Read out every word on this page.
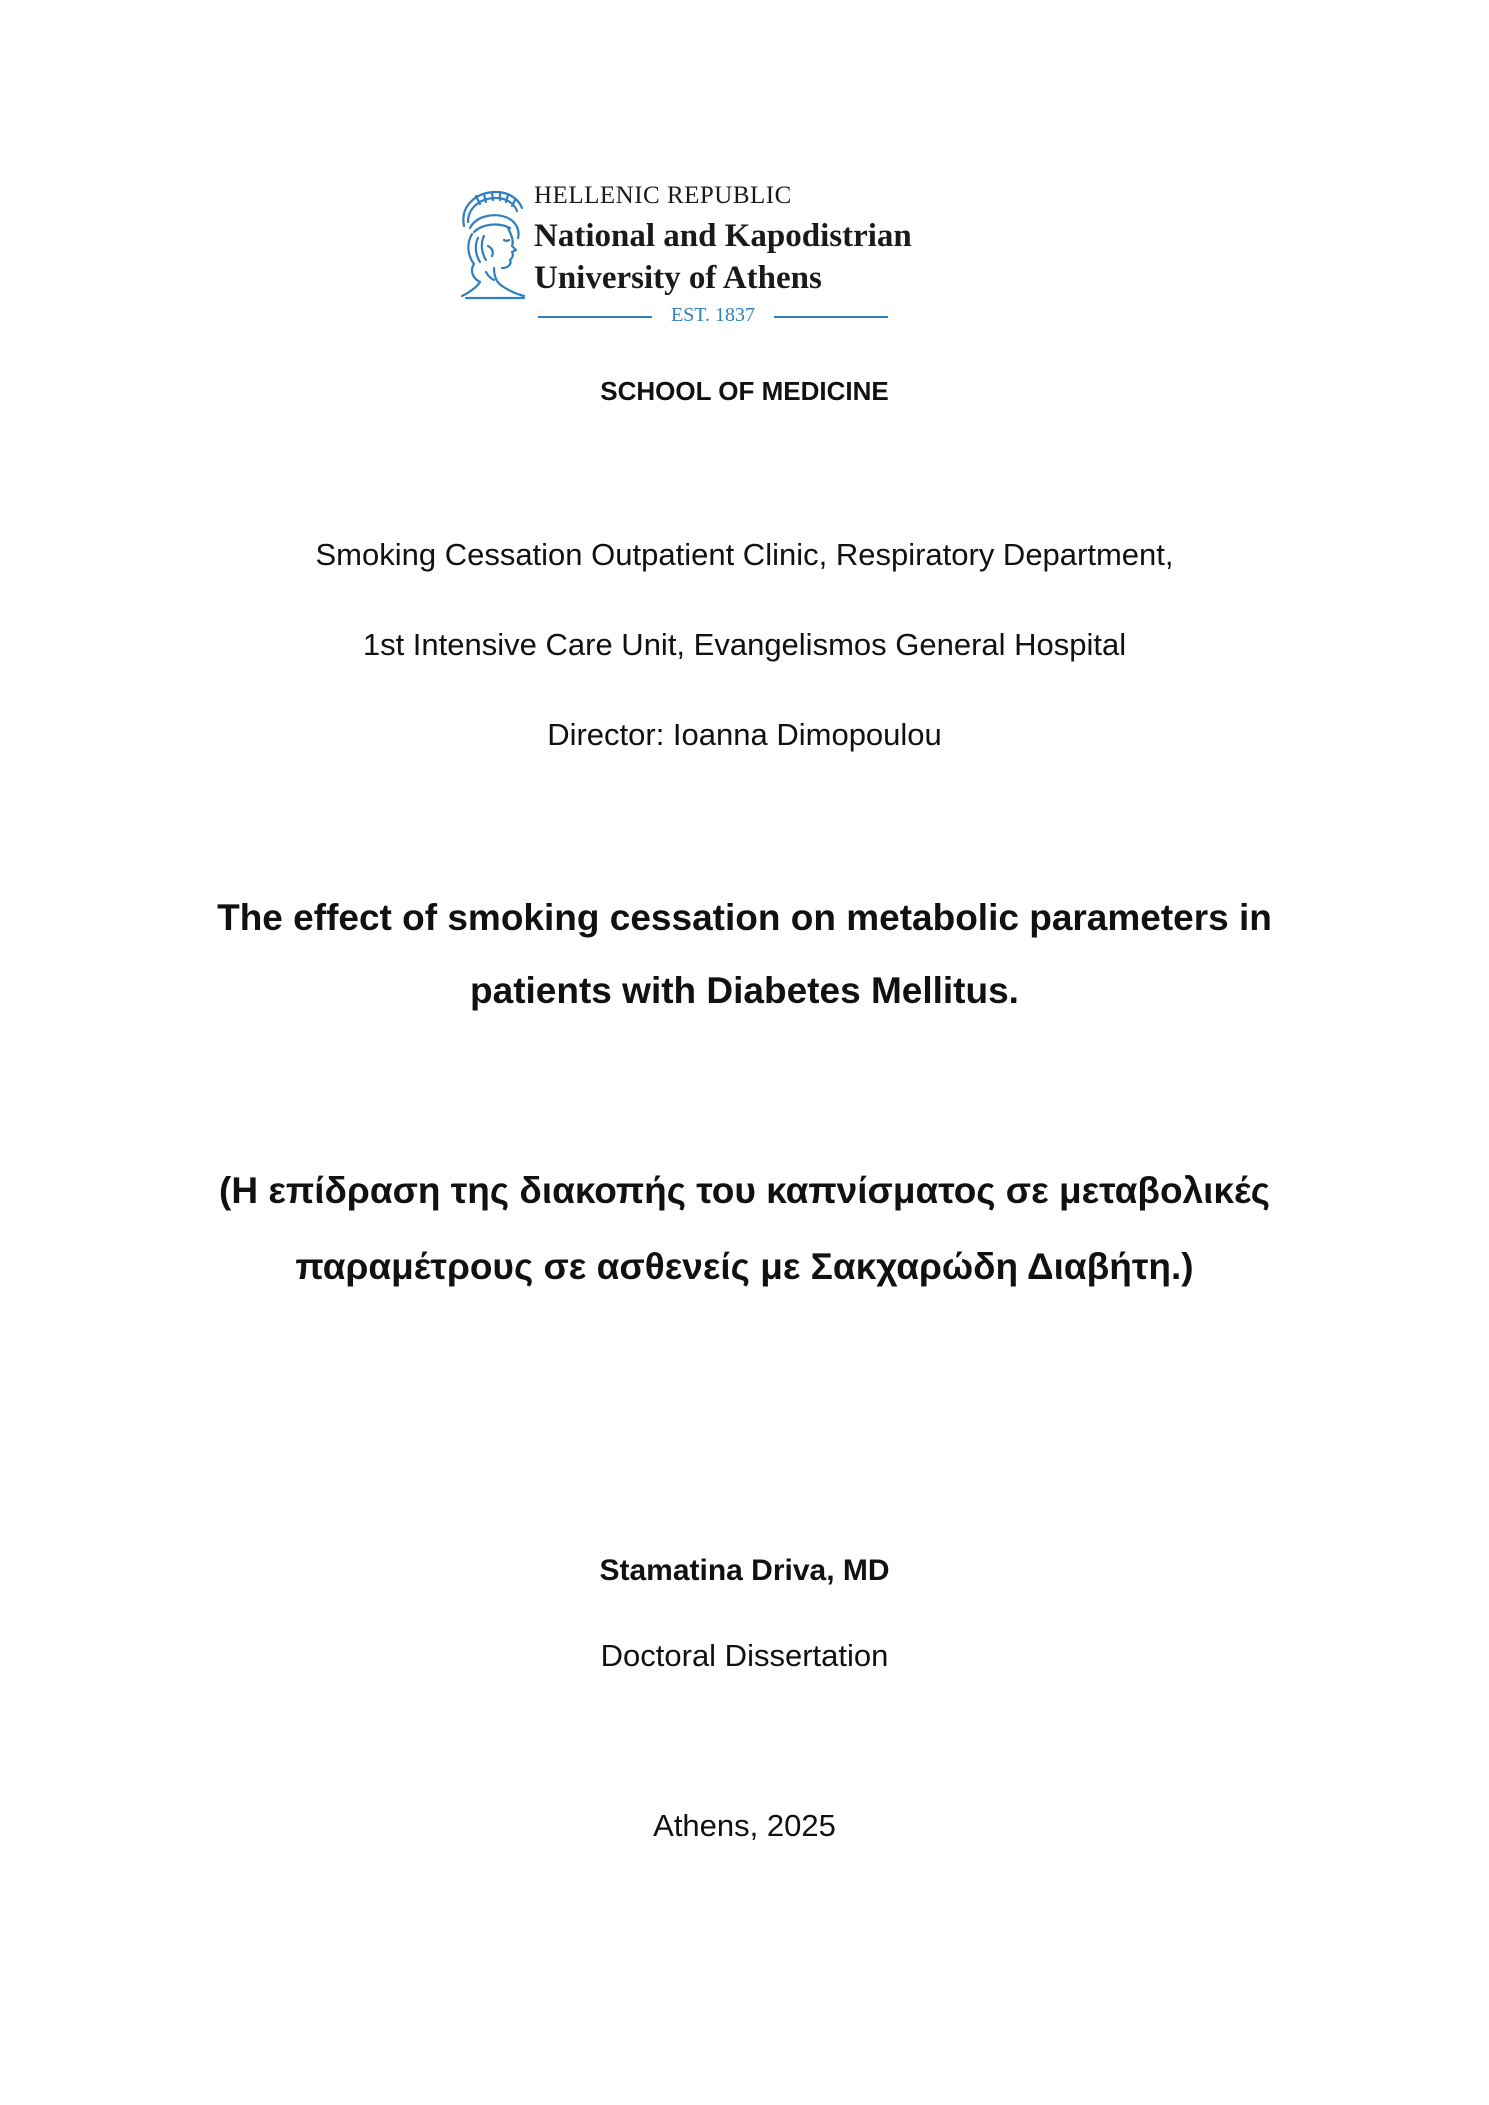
HELLENIC REPUBLIC
National and Kapodistrian
University of Athens
EST. 1837
SCHOOL OF MEDICINE
Smoking Cessation Outpatient Clinic, Respiratory Department,
1st Intensive Care Unit, Evangelismos General Hospital
Director: Ioanna Dimopoulou
The effect of smoking cessation on metabolic parameters in
patients with Diabetes Mellitus.
(Η επίδραση της διακοπής του καπνίσματος σε μεταβολικές
παραμέτρους σε ασθενείς με Σακχαρώδη Διαβήτη.)
Stamatina Driva, MD
Doctoral Dissertation
Athens, 2025
